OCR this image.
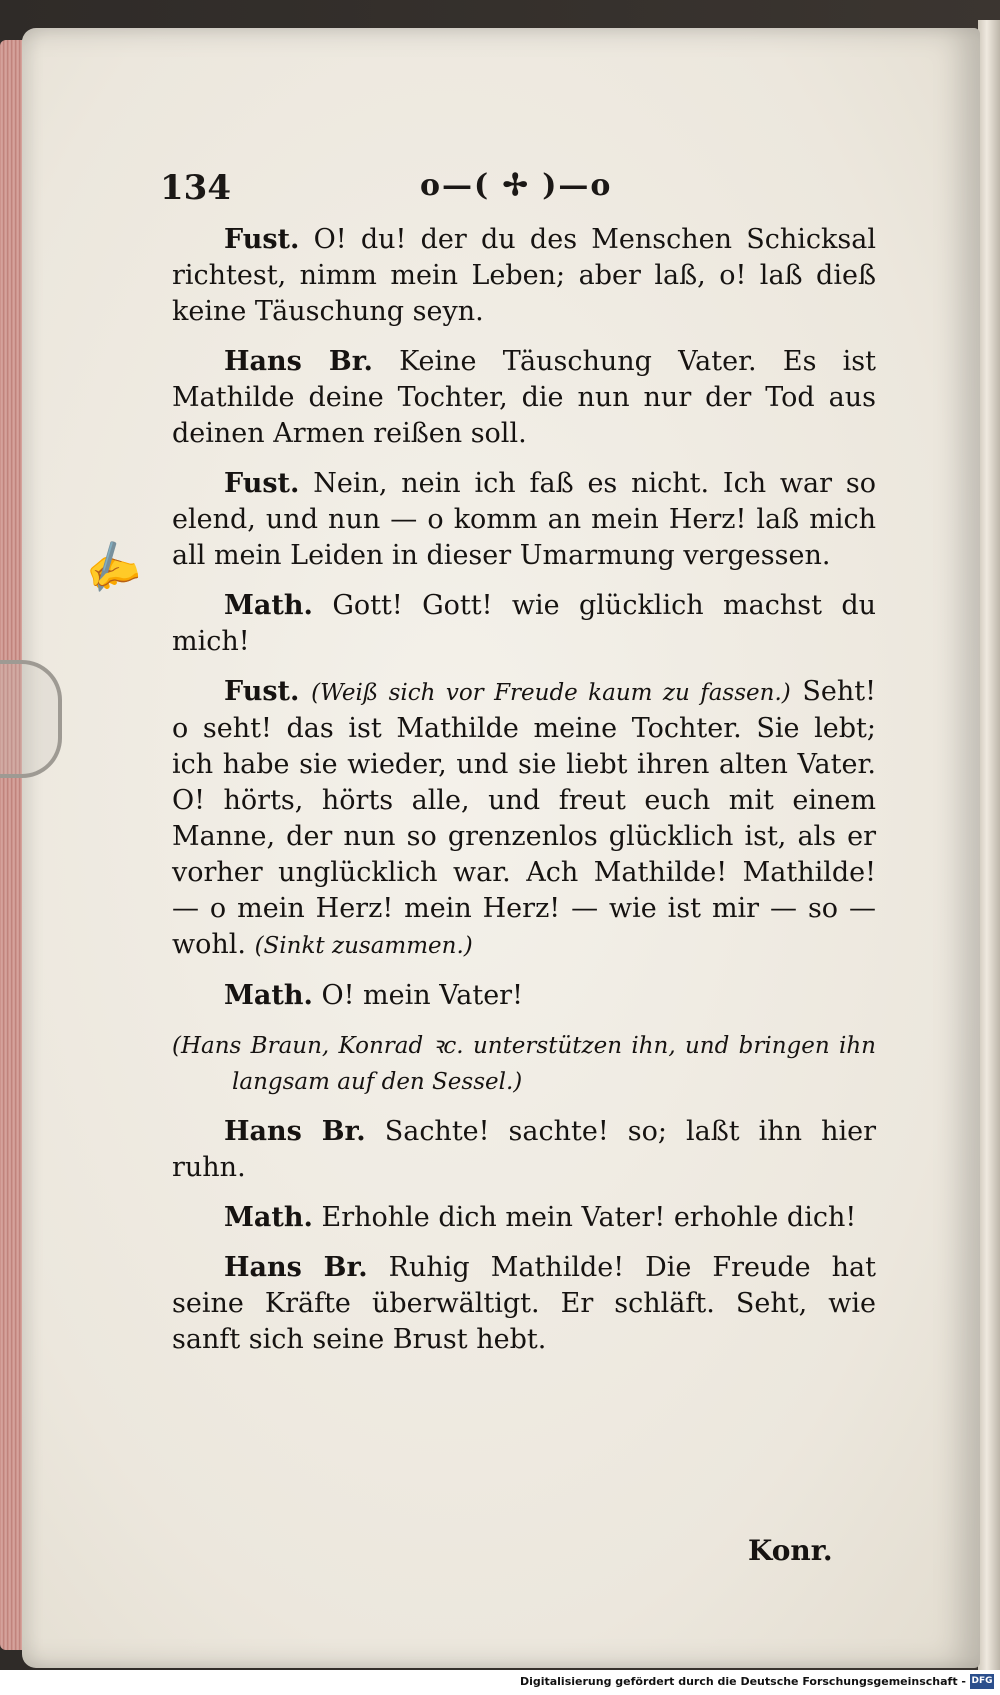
134	o—( ✢ )—o
✍

Fust. O! du! der du des Menschen Schicksal richtest, nimm mein Leben; aber laß, o! laß dieß keine Täuschung seyn.

Hans Br. Keine Täuschung Vater. Es ist Mathilde deine Tochter, die nun nur der Tod aus deinen Armen reißen soll.

Fust. Nein, nein ich faß es nicht. Ich war so elend, und nun — o komm an mein Herz! laß mich all mein Leiden in dieser Umarmung vergessen.

Math. Gott! Gott! wie glücklich machst du mich!

Fust. (Weiß sich vor Freude kaum zu fassen.) Seht! o seht! das ist Mathilde meine Tochter. Sie lebt; ich habe sie wieder, und sie liebt ihren alten Vater. O! hörts, hörts alle, und freut euch mit einem Manne, der nun so grenzenlos glücklich ist, als er vorher unglücklich war. Ach Mathilde! Mathilde! — o mein Herz! mein Herz! — wie ist mir — so — wohl. (Sinkt zusammen.)

Math. O! mein Vater!

(Hans Braun, Konrad ꝛc. unterstützen ihn, und bringen ihn langsam auf den Sessel.)

Hans Br. Sachte! sachte! so; laßt ihn hier ruhn.

Math. Erhohle dich mein Vater! erhohle dich!

Hans Br. Ruhig Mathilde! Die Freude hat seine Kräfte überwältigt. Er schläft. Seht, wie sanft sich seine Brust hebt.

Konr.
Digitalisierung gefördert durch die Deutsche Forschungsgemeinschaft - DFG
